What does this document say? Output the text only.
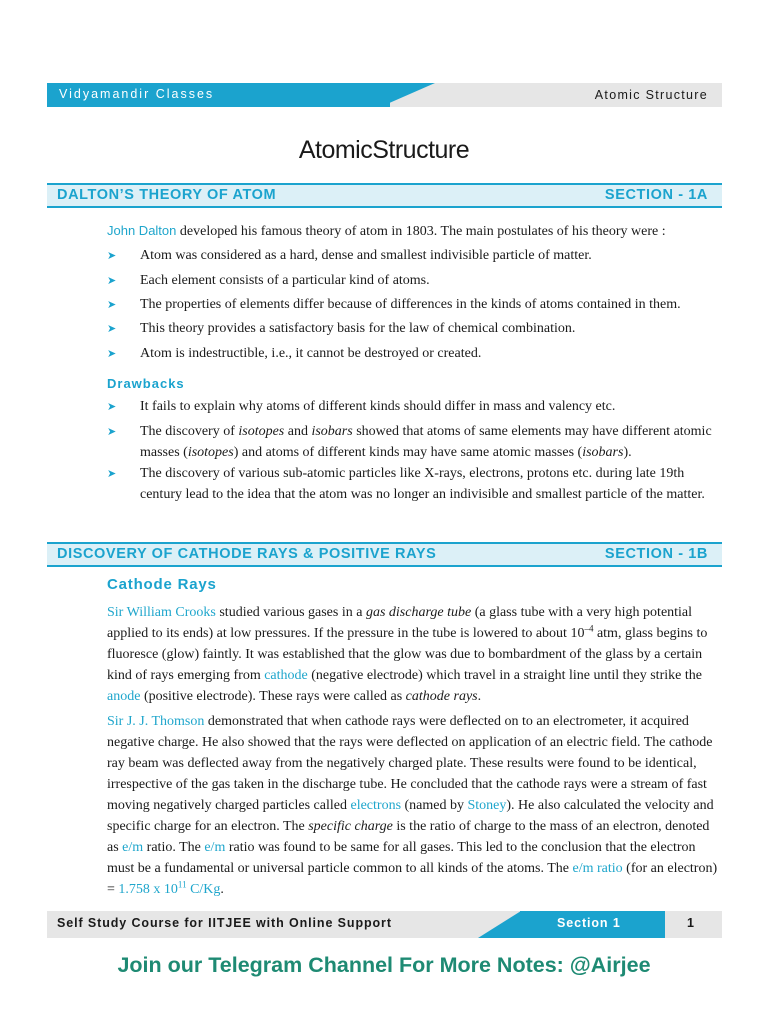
Vidyamandir Classes	Atomic Structure
AtomicStructure
DALTON’S THEORY OF ATOM	SECTION - 1A
John Dalton developed his famous theory of atom in 1803. The main postulates of his theory were :
➤ Atom was considered as a hard, dense and smallest indivisible particle of matter.
➤ Each element consists of a particular kind of atoms.
➤ The properties of elements differ because of differences in the kinds of atoms contained in them.
➤ This theory provides a satisfactory basis for the law of chemical combination.
➤ Atom is indestructible, i.e., it cannot be destroyed or created.
Drawbacks
➤ It fails to explain why atoms of different kinds should differ in mass and valency etc.
➤ The discovery of isotopes and isobars showed that atoms of same elements may have different atomic masses (isotopes) and atoms of different kinds may have same atomic masses (isobars).
➤ The discovery of various sub-atomic particles like X-rays, electrons, protons etc. during late 19th century lead to the idea that the atom was no longer an indivisible and smallest particle of the matter.
DISCOVERY OF CATHODE RAYS & POSITIVE RAYS	SECTION - 1B
Cathode Rays
Sir William Crooks studied various gases in a gas discharge tube (a glass tube with a very high potential applied to its ends) at low pressures. If the pressure in the tube is lowered to about $10^{-4}$ atm, glass begins to fluoresce (glow) faintly. It was established that the glow was due to bombardment of the glass by a certain kind of rays emerging from cathode (negative electrode) which travel in a straight line until they strike the anode (positive electrode). These rays were called as cathode rays.
Sir J. J. Thomson demonstrated that when cathode rays were deflected on to an electrometer, it acquired negative charge. He also showed that the rays were deflected on application of an electric field. The cathode ray beam was deflected away from the negatively charged plate. These results were found to be identical, irrespective of the gas taken in the discharge tube. He concluded that the cathode rays were a stream of fast moving negatively charged particles called electrons (named by Stoney). He also calculated the velocity and specific charge for an electron. The specific charge is the ratio of charge to the mass of an electron, denoted as e/m ratio. The e/m ratio was found to be same for all gases. This led to the conclusion that the electron must be a fundamental or universal particle common to all kinds of the atoms. The e/m ratio (for an electron) = 1.758 x $10^{11}$ C/Kg.
Self Study Course for IITJEE with Online Support	Section 1	1
Join our Telegram Channel For More Notes: @Airjee
